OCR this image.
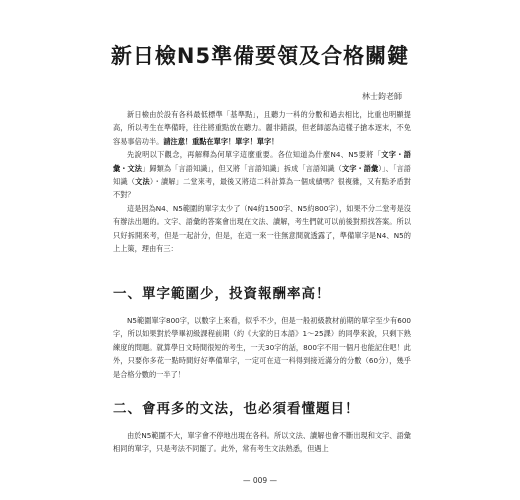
新日檢N5準備要領及合格關鍵

林士鈞老師

新日檢由於設有各科最低標準「基準點」，且聽力一科的分數和過去相比，比重也明顯提高，所以考生在準備時，往往將重點放在聽力。麗非錯誤，但老師認為這樣子搶本逐末，不免容易事倍功半。請注意！重點在單字！單字！單字！

先說明以下觀念，再解釋為何單字這麼重要。各位知道為什麼N4、N5要將「文字・語彙・文法」歸類為「言語知識」，但又將「言語知識」拆成「言語知識（文字・語彙）」、「言語知識（文法）・讀解」二堂來考，最後又將這二科計算為一個成績嗎？很複雜，又有點矛盾對不對？

這是因為N4、N5範圍的單字太少了（N4約1500字、N5約800字），如果不分二堂考是沒有辦法出題的。文字、語彙的答案會出現在文法、讀解，考生們就可以前後對照找答案。所以只好拆開來考，但是一起計分，但是，在這一來一往無意間就透露了，準備單字是N4、N5的上上策，理由有三：

一、單字範圍少，投資報酬率高！

N5範圍單字800字，以數字上來看，似乎不少，但是一般初級教材前期的單字至少有600字，所以如果對於學畢初級課程前期（約《大家的日本語》1〜25課）的同學來說，只剩下熟練度的問題。就算學日文時間很短的考生，一天30字的話，800字不用一個月也能記住吧！此外，只要你多花一點時間好好準備單字，一定可在這一科得到接近滿分的分數（60分），幾乎是合格分數的一半了！

二、會再多的文法，也必須看懂題目！

由於N5範圍不大，單字會不停地出現在各科。所以文法、讀解也會不斷出現和文字、語彙相同的單字，只是考法不同罷了。此外，常有考生文法熟悉，但遇上

— 009 —
